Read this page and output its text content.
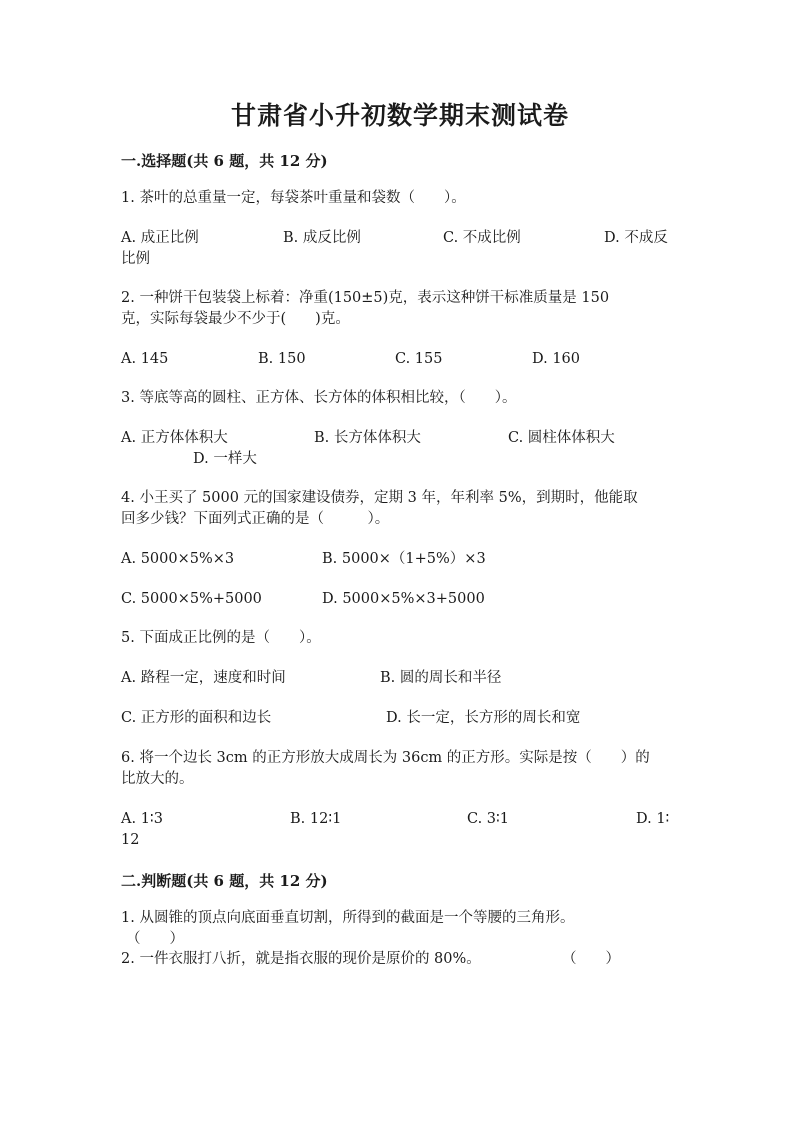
甘肃省小升初数学期末测试卷
一.选择题(共 6 题，共 12 分)
1. 茶叶的总重量一定，每袋茶叶重量和袋数（　　）。
A. 成正比例	B. 成反比例	C. 不成比例	D. 不成反
比例
2. 一种饼干包装袋上标着：净重(150±5)克，表示这种饼干标准质量是 150
克，实际每袋最少不少于(　　)克。
A. 145	B. 150	C. 155	D. 160
3. 等底等高的圆柱、正方体、长方体的体积相比较，（　　）。
A. 正方体体积大	B. 长方体体积大	C. 圆柱体体积大
D. 一样大
4. 小王买了 5000 元的国家建设债券，定期 3 年，年利率 5%，到期时，他能取
回多少钱？下面列式正确的是（　　　）。
A. 5000×5%×3	B. 5000×（1+5%）×3
C. 5000×5%+5000	D. 5000×5%×3+5000
5. 下面成正比例的是（　　）。
A. 路程一定，速度和时间	B. 圆的周长和半径
C. 正方形的面积和边长	D. 长一定，长方形的周长和宽
6. 将一个边长 3cm 的正方形放大成周长为 36cm 的正方形。实际是按（　　）的
比放大的。
A. 1∶3	B. 12∶1	C. 3∶1	D. 1∶
12
二.判断题(共 6 题，共 12 分)
1. 从圆锥的顶点向底面垂直切割，所得到的截面是一个等腰的三角形。
（　　）
2. 一件衣服打八折，就是指衣服的现价是原价的 80%。	（　　）
